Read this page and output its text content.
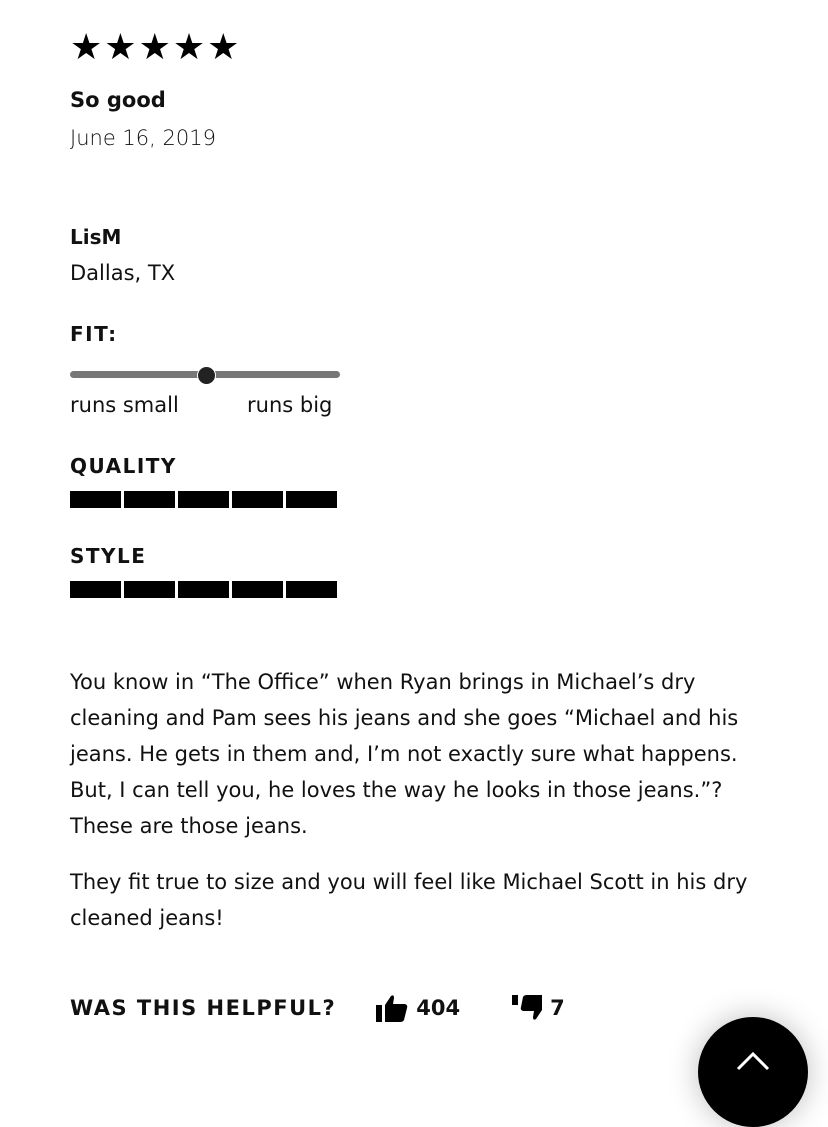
★ ★ ★ ★ ★
So good
June 16, 2019
LisM
Dallas, TX
FIT:
runs small	runs big
QUALITY
STYLE

You know in “The Office” when Ryan brings in Michael’s dry cleaning and Pam sees his jeans and she goes “Michael and his jeans. He gets in them and, I’m not exactly sure what happens. But, I can tell you, he loves the way he looks in those jeans.”? These are those jeans.

They fit true to size and you will feel like Michael Scott in his dry cleaned jeans!

WAS THIS HELPFUL?	404	7
